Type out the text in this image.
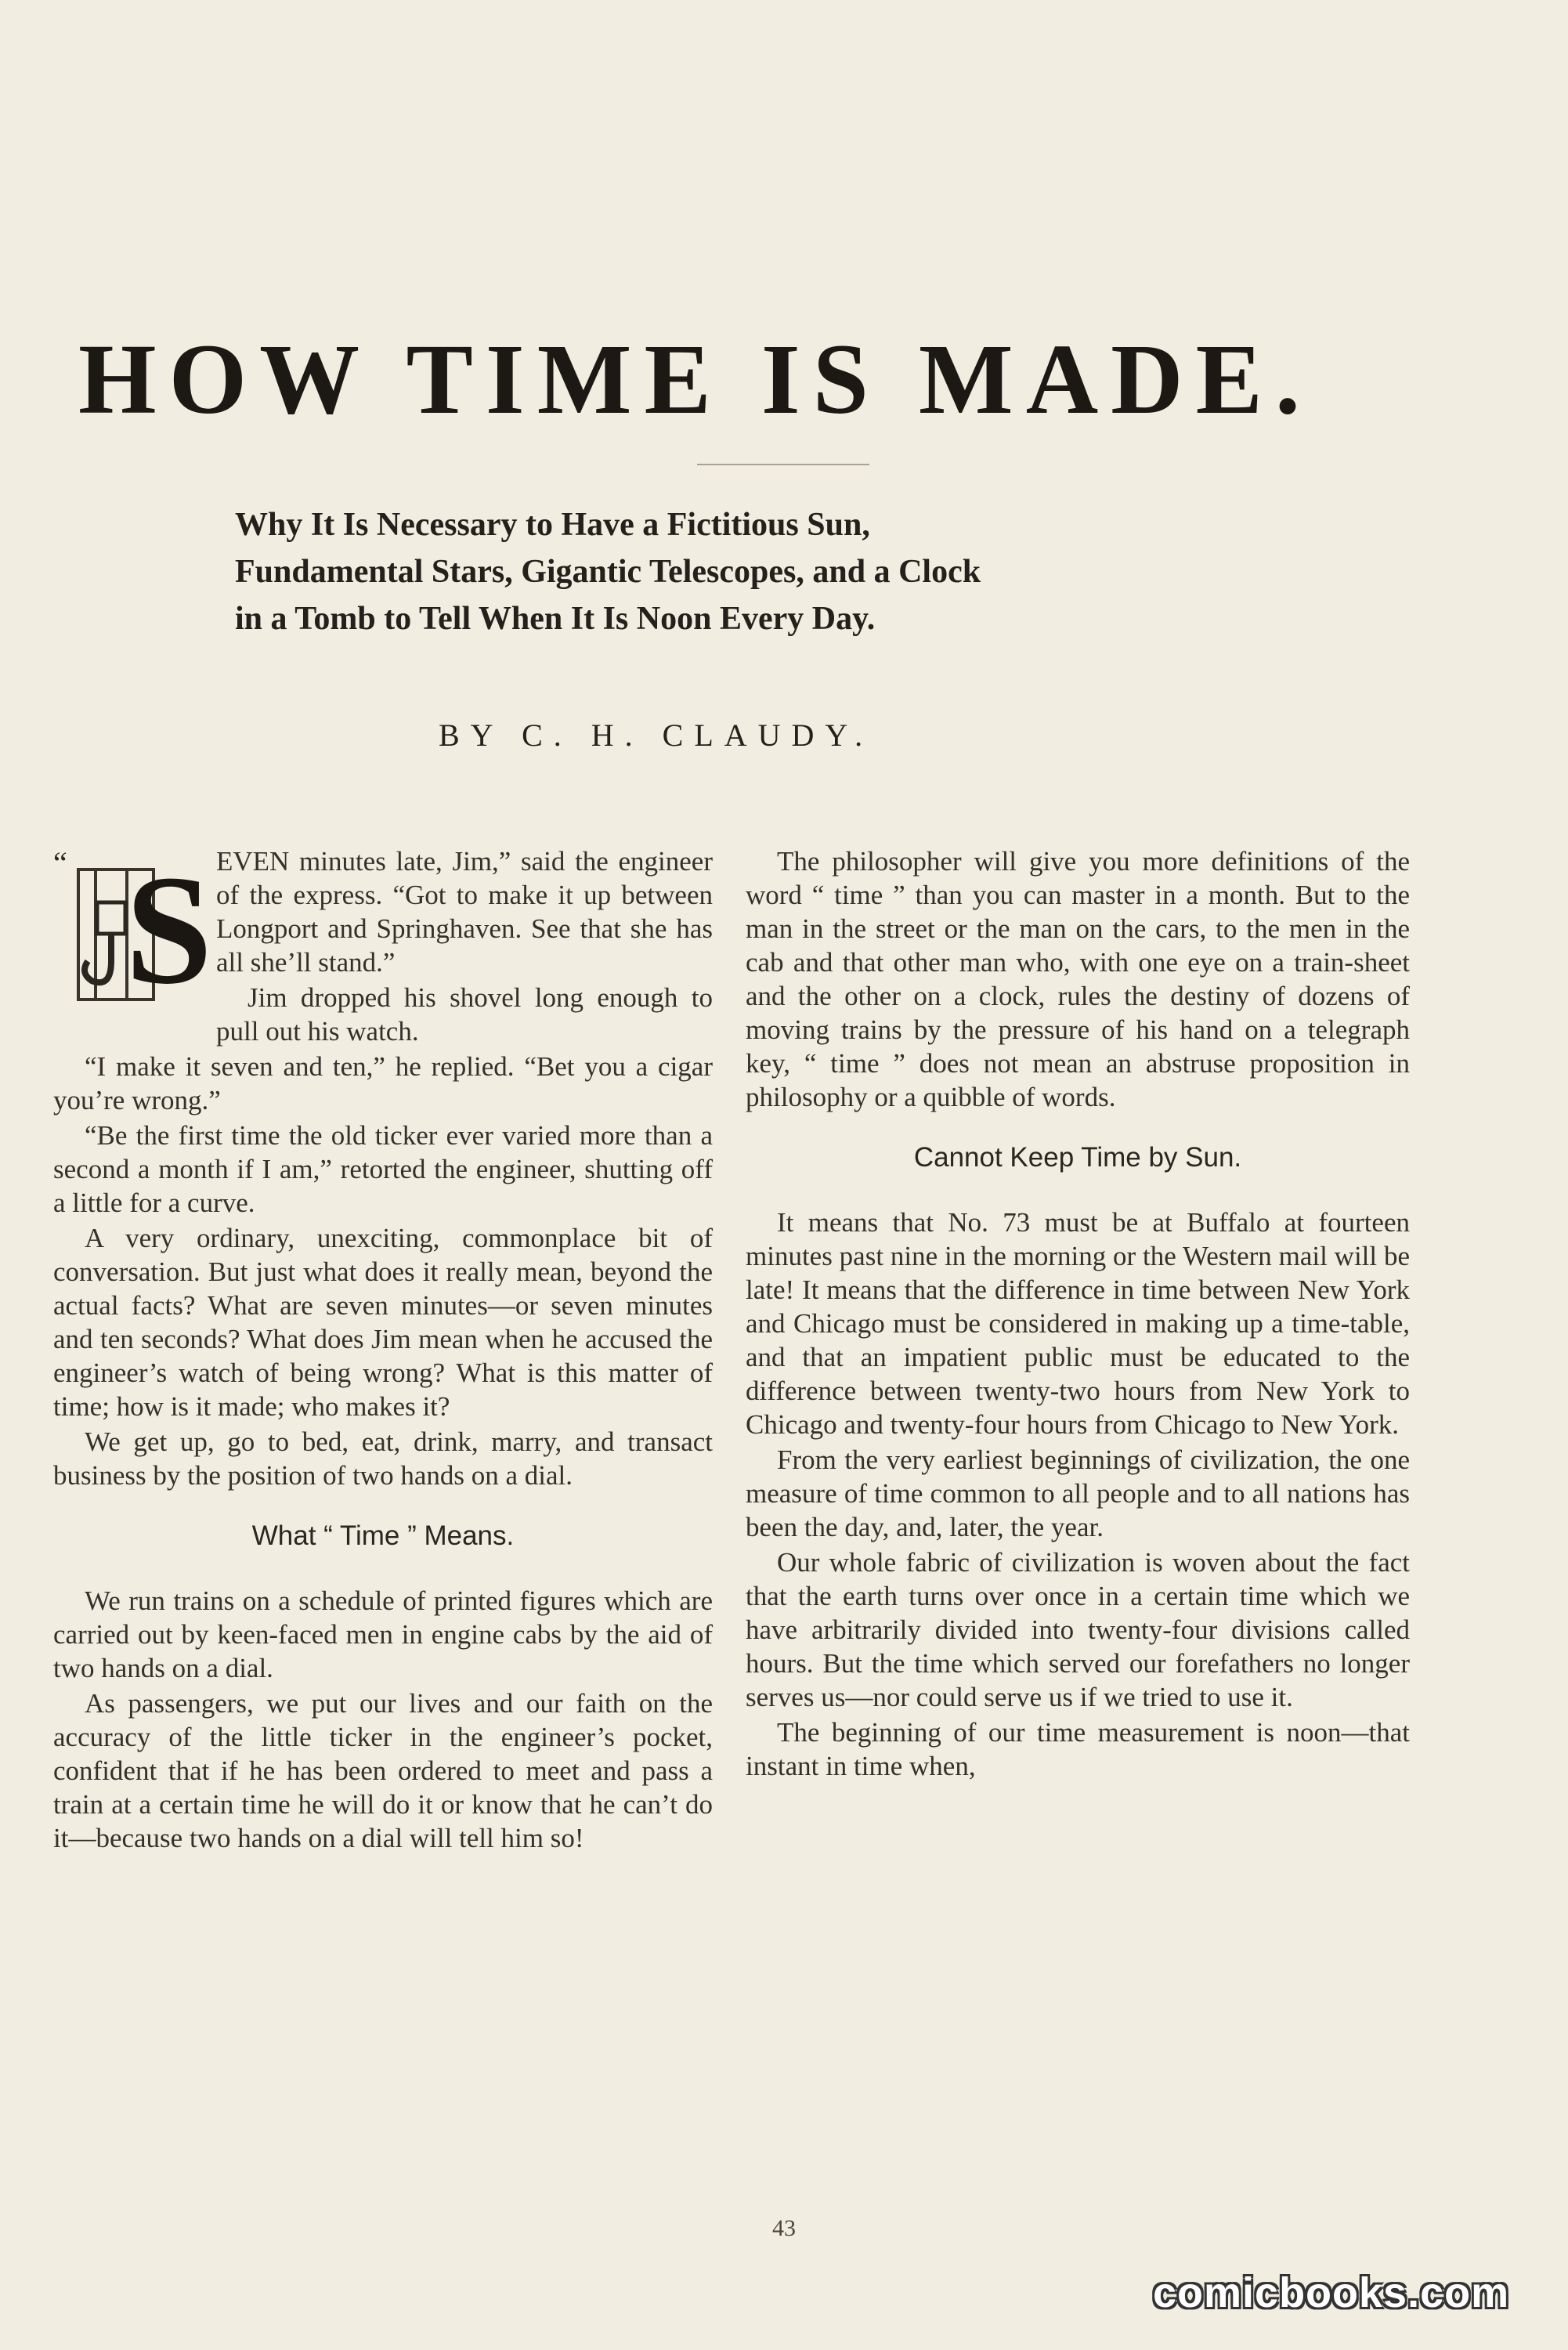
HOW TIME IS MADE.
Why It Is Necessary to Have a Fictitious Sun,
Fundamental Stars, Gigantic Telescopes, and a Clock
in a Tomb to Tell When It Is Noon Every Day.
BY C. H. CLAUDY.
“ S EVEN minutes late, Jim,” said the engineer of the express. “Got to make it up between Longport and Springhaven. See that she has all she’ll stand.”

Jim dropped his shovel long enough to pull out his watch.

“I make it seven and ten,” he replied. “Bet you a cigar you’re wrong.”

“Be the first time the old ticker ever varied more than a second a month if I am,” retorted the engineer, shutting off a little for a curve.

A very ordinary, unexciting, commonplace bit of conversation. But just what does it really mean, beyond the actual facts? What are seven minutes—or seven minutes and ten seconds? What does Jim mean when he accused the engineer’s watch of being wrong? What is this matter of time; how is it made; who makes it?

We get up, go to bed, eat, drink, marry, and transact business by the position of two hands on a dial.

What “ Time ” Means.

We run trains on a schedule of printed figures which are carried out by keen-faced men in engine cabs by the aid of two hands on a dial.

As passengers, we put our lives and our faith on the accuracy of the little ticker in the engineer’s pocket, confident that if he has been ordered to meet and pass a train at a certain time he will do it or know that he can’t do it—because two hands on a dial will tell him so!

The philosopher will give you more definitions of the word “ time ” than you can master in a month. But to the man in the street or the man on the cars, to the men in the cab and that other man who, with one eye on a train-sheet and the other on a clock, rules the destiny of dozens of moving trains by the pressure of his hand on a telegraph key, “ time ” does not mean an abstruse proposition in philosophy or a quibble of words.

Cannot Keep Time by Sun.

It means that No. 73 must be at Buffalo at fourteen minutes past nine in the morning or the Western mail will be late! It means that the difference in time between New York and Chicago must be considered in making up a time-table, and that an impatient public must be educated to the difference between twenty-two hours from New York to Chicago and twenty-four hours from Chicago to New York.

From the very earliest beginnings of civilization, the one measure of time common to all people and to all nations has been the day, and, later, the year.

Our whole fabric of civilization is woven about the fact that the earth turns over once in a certain time which we have arbitrarily divided into twenty-four divisions called hours. But the time which served our forefathers no longer serves us—nor could serve us if we tried to use it.

The beginning of our time measurement is noon—that instant in time when,

43
comicbooks.com
